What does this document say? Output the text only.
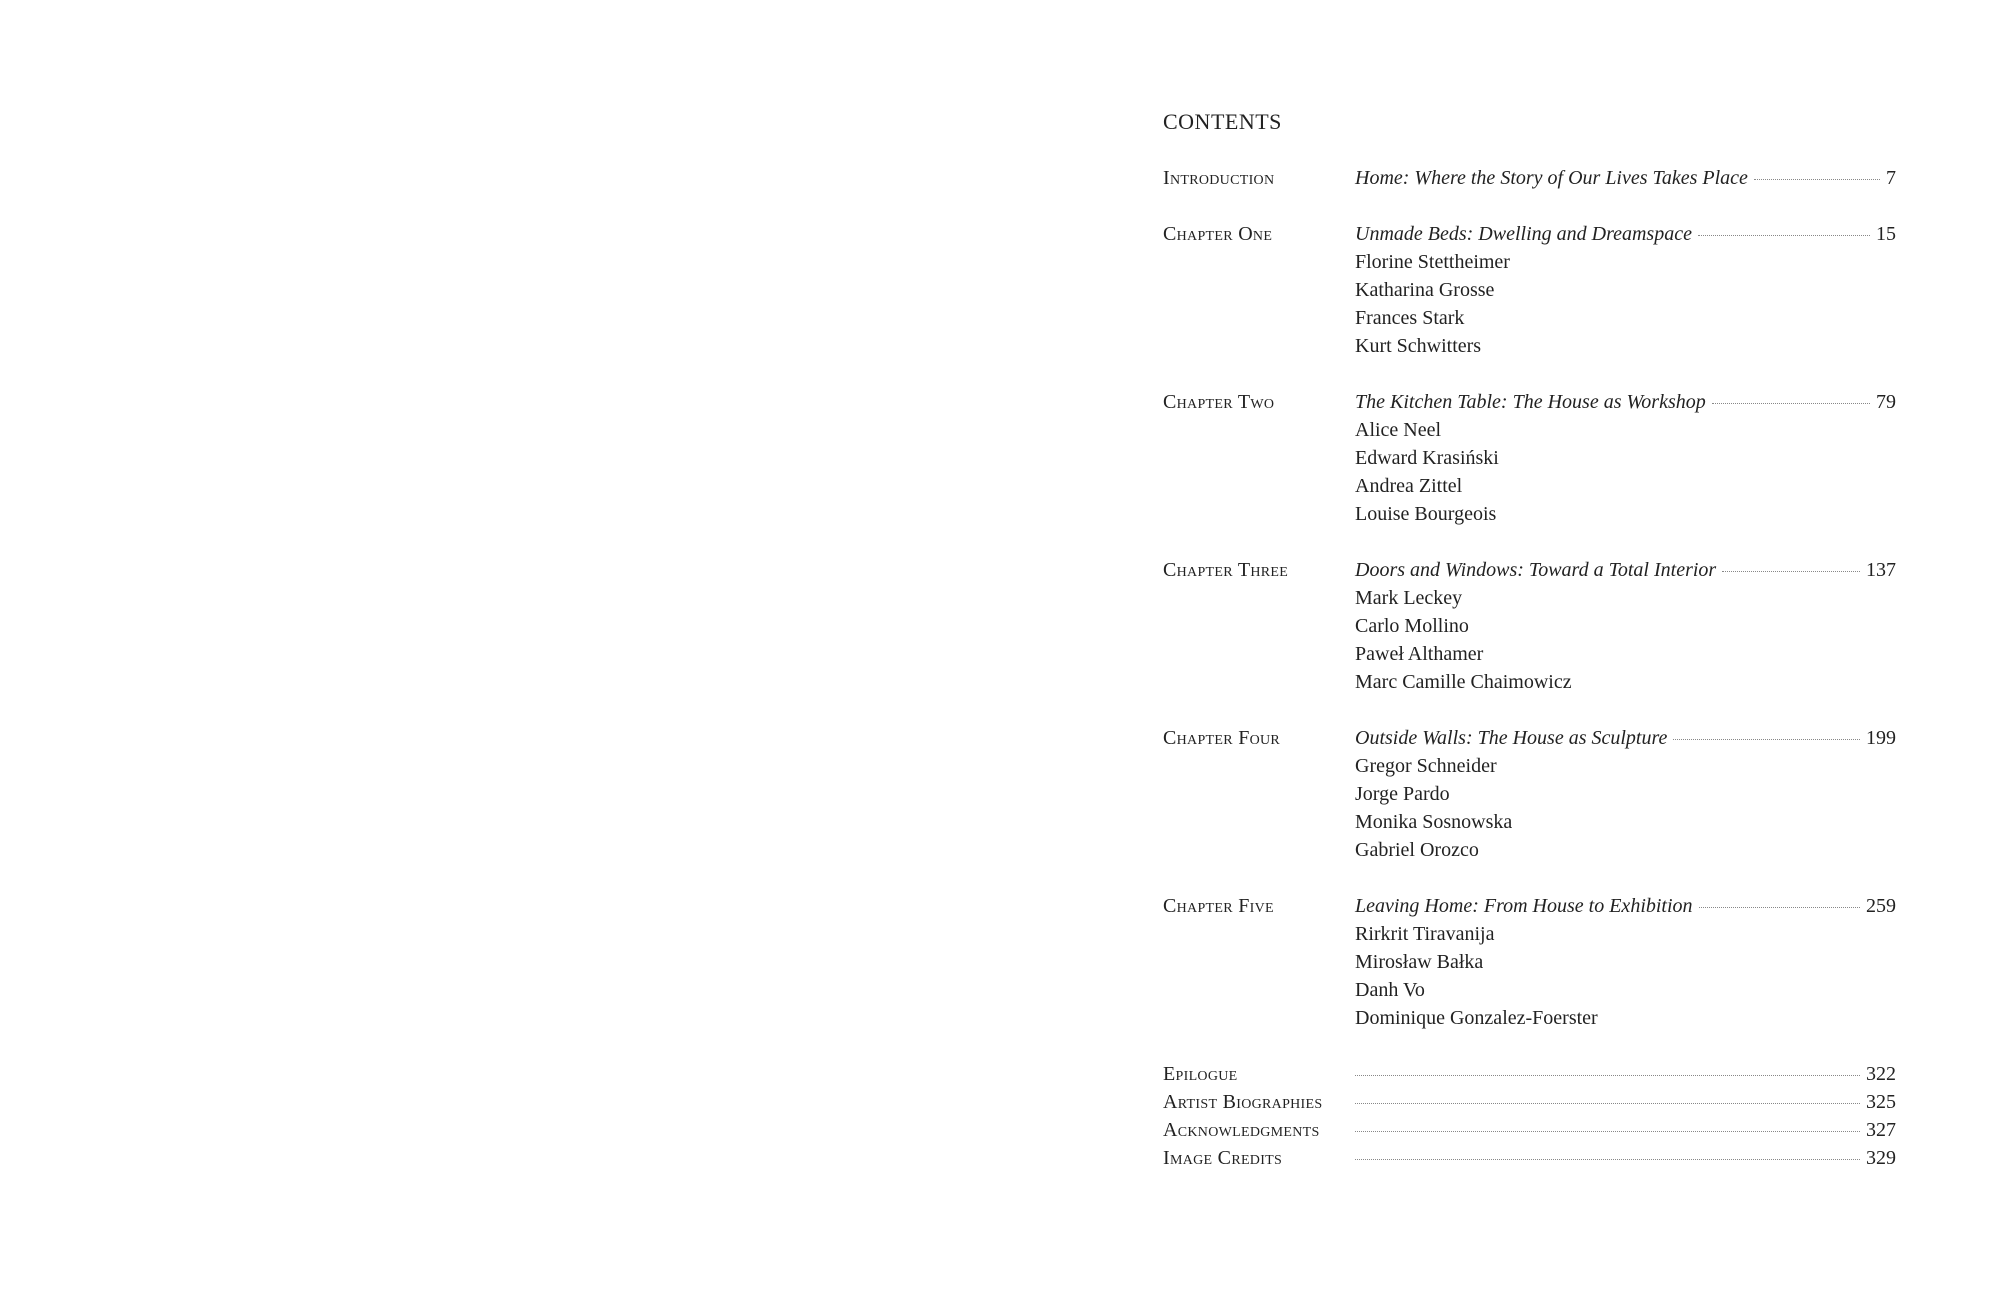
CONTENTS
Introduction	Home: Where the Story of Our Lives Takes Place	7
Chapter One	Unmade Beds: Dwelling and Dreamspace	15
Florine Stettheimer
Katharina Grosse
Frances Stark
Kurt Schwitters
Chapter Two	The Kitchen Table: The House as Workshop	79
Alice Neel
Edward Krasiński
Andrea Zittel
Louise Bourgeois
Chapter Three	Doors and Windows: Toward a Total Interior	137
Mark Leckey
Carlo Mollino
Paweł Althamer
Marc Camille Chaimowicz
Chapter Four	Outside Walls: The House as Sculpture	199
Gregor Schneider
Jorge Pardo
Monika Sosnowska
Gabriel Orozco
Chapter Five	Leaving Home: From House to Exhibition	259
Rirkrit Tiravanija
Mirosław Bałka
Danh Vo
Dominique Gonzalez-Foerster
Epilogue	322
Artist Biographies	325
Acknowledgments	327
Image Credits	329
